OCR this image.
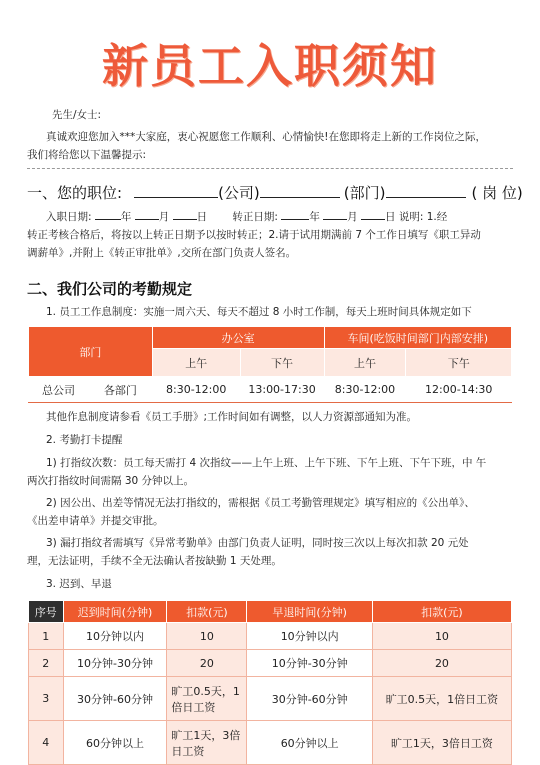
新员工入职须知
先生/女士:
真诚欢迎您加入***大家庭，衷心祝愿您工作顺利、心情愉快!在您即将走上新的工作岗位之际，
我们将给您以下温馨提示:
一、您的职位:	(公司)	(部门)	( 岗 位)
入职日期:	年	月	日 转正日期:	年	月	日 说明: 1.经
转正考核合格后，将按以上转正日期予以按时转正；2.请于试用期满前 7 个工作日填写《职工异动
调薪单》,并附上《转正审批单》,交所在部门负责人签名。
二、我们公司的考勤规定
1. 员工工作息制度：实施一周六天、每天不超过 8 小时工作制，每天上班时间具体规定如下
部门		办公室		车间(吃饭时间部门内部安排)	
		上午	下午	上午	下午
总公司	各部门	8:30-12:00	13:00-17:30	8:30-12:00	12:00-14:30
其他作息制度请参看《员工手册》;工作时间如有调整，以人力资源部通知为准。
2. 考勤打卡提醒
1) 打指纹次数：员工每天需打 4 次指纹——上午上班、上午下班、下午上班、下午下班，中 午
两次打指纹时间需隔 30 分钟以上。
2) 因公出、出差等情况无法打指纹的，需根据《员工考勤管理规定》填写相应的《公出单》、
《出差申请单》并提交审批。
3) 漏打指纹者需填写《异常考勤单》由部门负责人证明，同时按三次以上每次扣款 20 元处
理，无法证明，手续不全无法确认者按缺勤 1 天处理。
3. 迟到、早退
序号	迟到时间(分钟)	扣款(元)	早退时间(分钟)	扣款(元)
1	10分钟以内	10	10分钟以内	10
2	10分钟-30分钟	20	10分钟-30分钟	20
3	30分钟-60分钟	旷工0.5天，1倍日工资	30分钟-60分钟	旷工0.5天，1倍日工资
4	60分钟以上	旷工1天，3倍日工资	60分钟以上	旷工1天，3倍日工资
